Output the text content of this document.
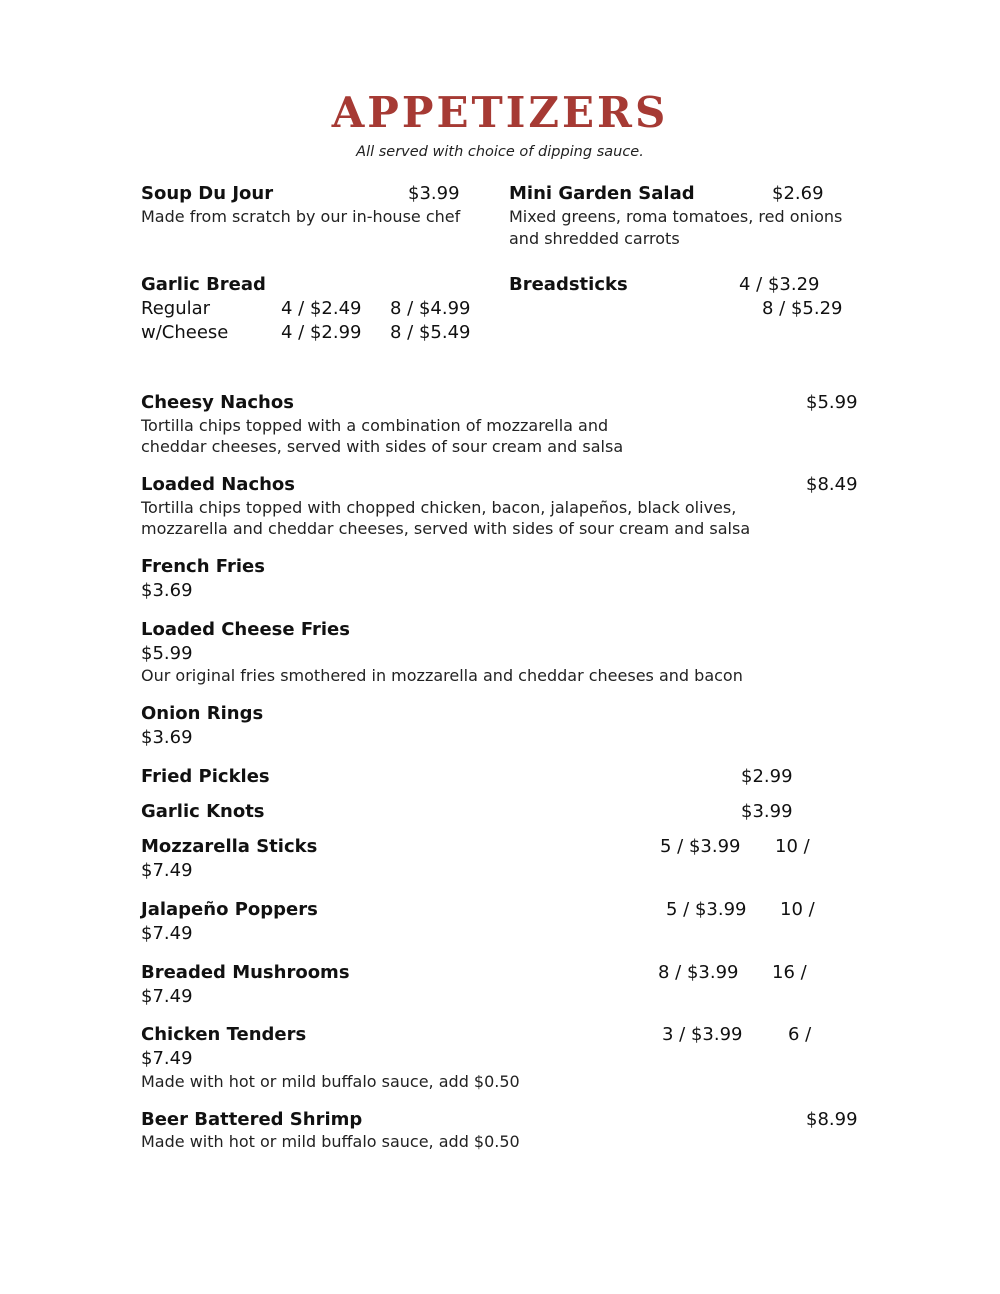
APPETIZERS
All served with choice of dipping sauce.
Soup Du Jour	$3.99
Made from scratch by our in-house chef
Mini Garden Salad	$2.69
Mixed greens, roma tomatoes, red onions
and shredded carrots
Garlic Bread
Regular	4 / $2.49 8 / $4.99
w/Cheese	4 / $2.99 8 / $5.49
Breadsticks	4 / $3.29
8 / $5.29
Cheesy Nachos	$5.99
Tortilla chips topped with a combination of mozzarella and
cheddar cheeses, served with sides of sour cream and salsa
Loaded Nachos	$8.49
Tortilla chips topped with chopped chicken, bacon, jalapeños, black olives,
mozzarella and cheddar cheeses, served with sides of sour cream and salsa
French Fries
$3.69
Loaded Cheese Fries
$5.99
Our original fries smothered in mozzarella and cheddar cheeses and bacon
Onion Rings
$3.69
Fried Pickles	$2.99
Garlic Knots	$3.99
Mozzarella Sticks	5 / $3.99 10 /
$7.49
Jalapeño Poppers	5 / $3.99 10 /
$7.49
Breaded Mushrooms	8 / $3.99 16 /
$7.49
Chicken Tenders	3 / $3.99	6 /
$7.49
Made with hot or mild buffalo sauce, add $0.50
Beer Battered Shrimp	$8.99
Made with hot or mild buffalo sauce, add $0.50
